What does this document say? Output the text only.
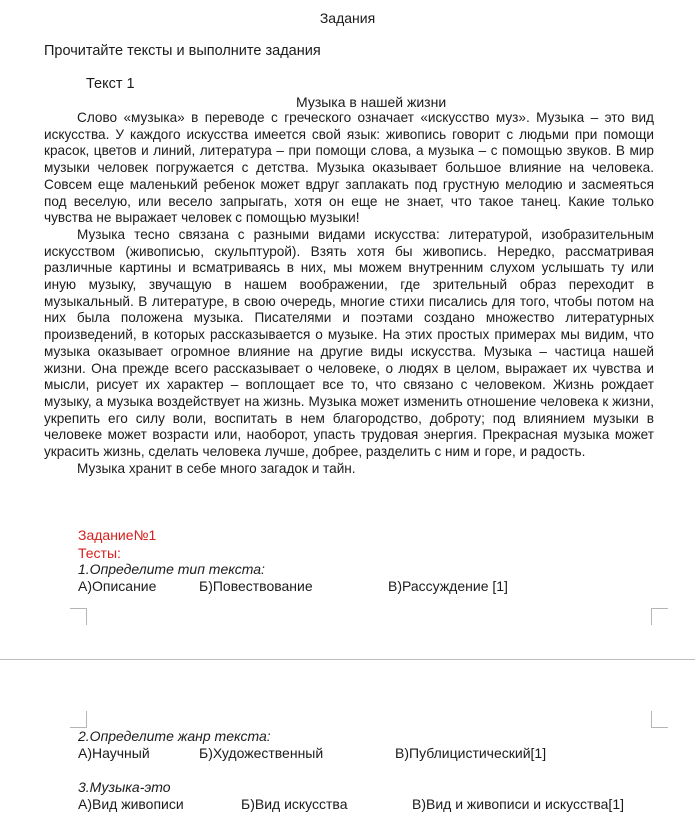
Задания
Прочитайте тексты и выполните задания
Текст 1
Музыка в нашей жизни

Слово «музыка» в переводе с греческого означает «искусство муз». Музыка – это вид искусства. У каждого искусства имеется свой язык: живопись говорит с людьми при помощи красок, цветов и линий, литература – при помощи слова, а музыка – с помощью звуков. В мир музыки человек погружается с детства. Музыка оказывает большое влияние на человека. Совсем еще маленький ребенок может вдруг заплакать под грустную мелодию и засмеяться под веселую, или весело запрыгать, хотя он еще не знает, что такое танец. Какие только чувства не выражает человек с помощью музыки!

Музыка тесно связана с разными видами искусства: литературой, изобразительным искусством (живописью, скульптурой). Взять хотя бы живопись. Нередко, рассматривая различные картины и всматриваясь в них, мы можем внутренним слухом услышать ту или иную музыку, звучащую в нашем воображении, где зрительный образ переходит в музыкальный. В литературе, в свою очередь, многие стихи писались для того, чтобы потом на них была положена музыка. Писателями и поэтами создано множество литературных произведений, в которых рассказывается о музыке. На этих простых примерах мы видим, что музыка оказывает огромное влияние на другие виды искусства. Музыка – частица нашей жизни. Она прежде всего рассказывает о человеке, о людях в целом, выражает их чувства и мысли, рисует их характер – воплощает все то, что связано с человеком. Жизнь рождает музыку, а музыка воздействует на жизнь. Музыка может изменить отношение человека к жизни, укрепить его силу воли, воспитать в нем благородство, доброту; под влиянием музыки в человеке может возрасти или, наоборот, упасть трудовая энергия. Прекрасная музыка может украсить жизнь, сделать человека лучше, добрее, разделить с ним и горе, и радость.

Музыка хранит в себе много загадок и тайн.

Задание№1
Тесты:
1.Определите тип текста:
А)Описание	Б)Повествование	В)Рассуждение [1]
2.Определите жанр текста:
А)Научный	Б)Художественный	В)Публицистический[1]
3.Музыка-это
А)Вид живописи	Б)Вид искусства	В)Вид и живописи и искусства[1]
